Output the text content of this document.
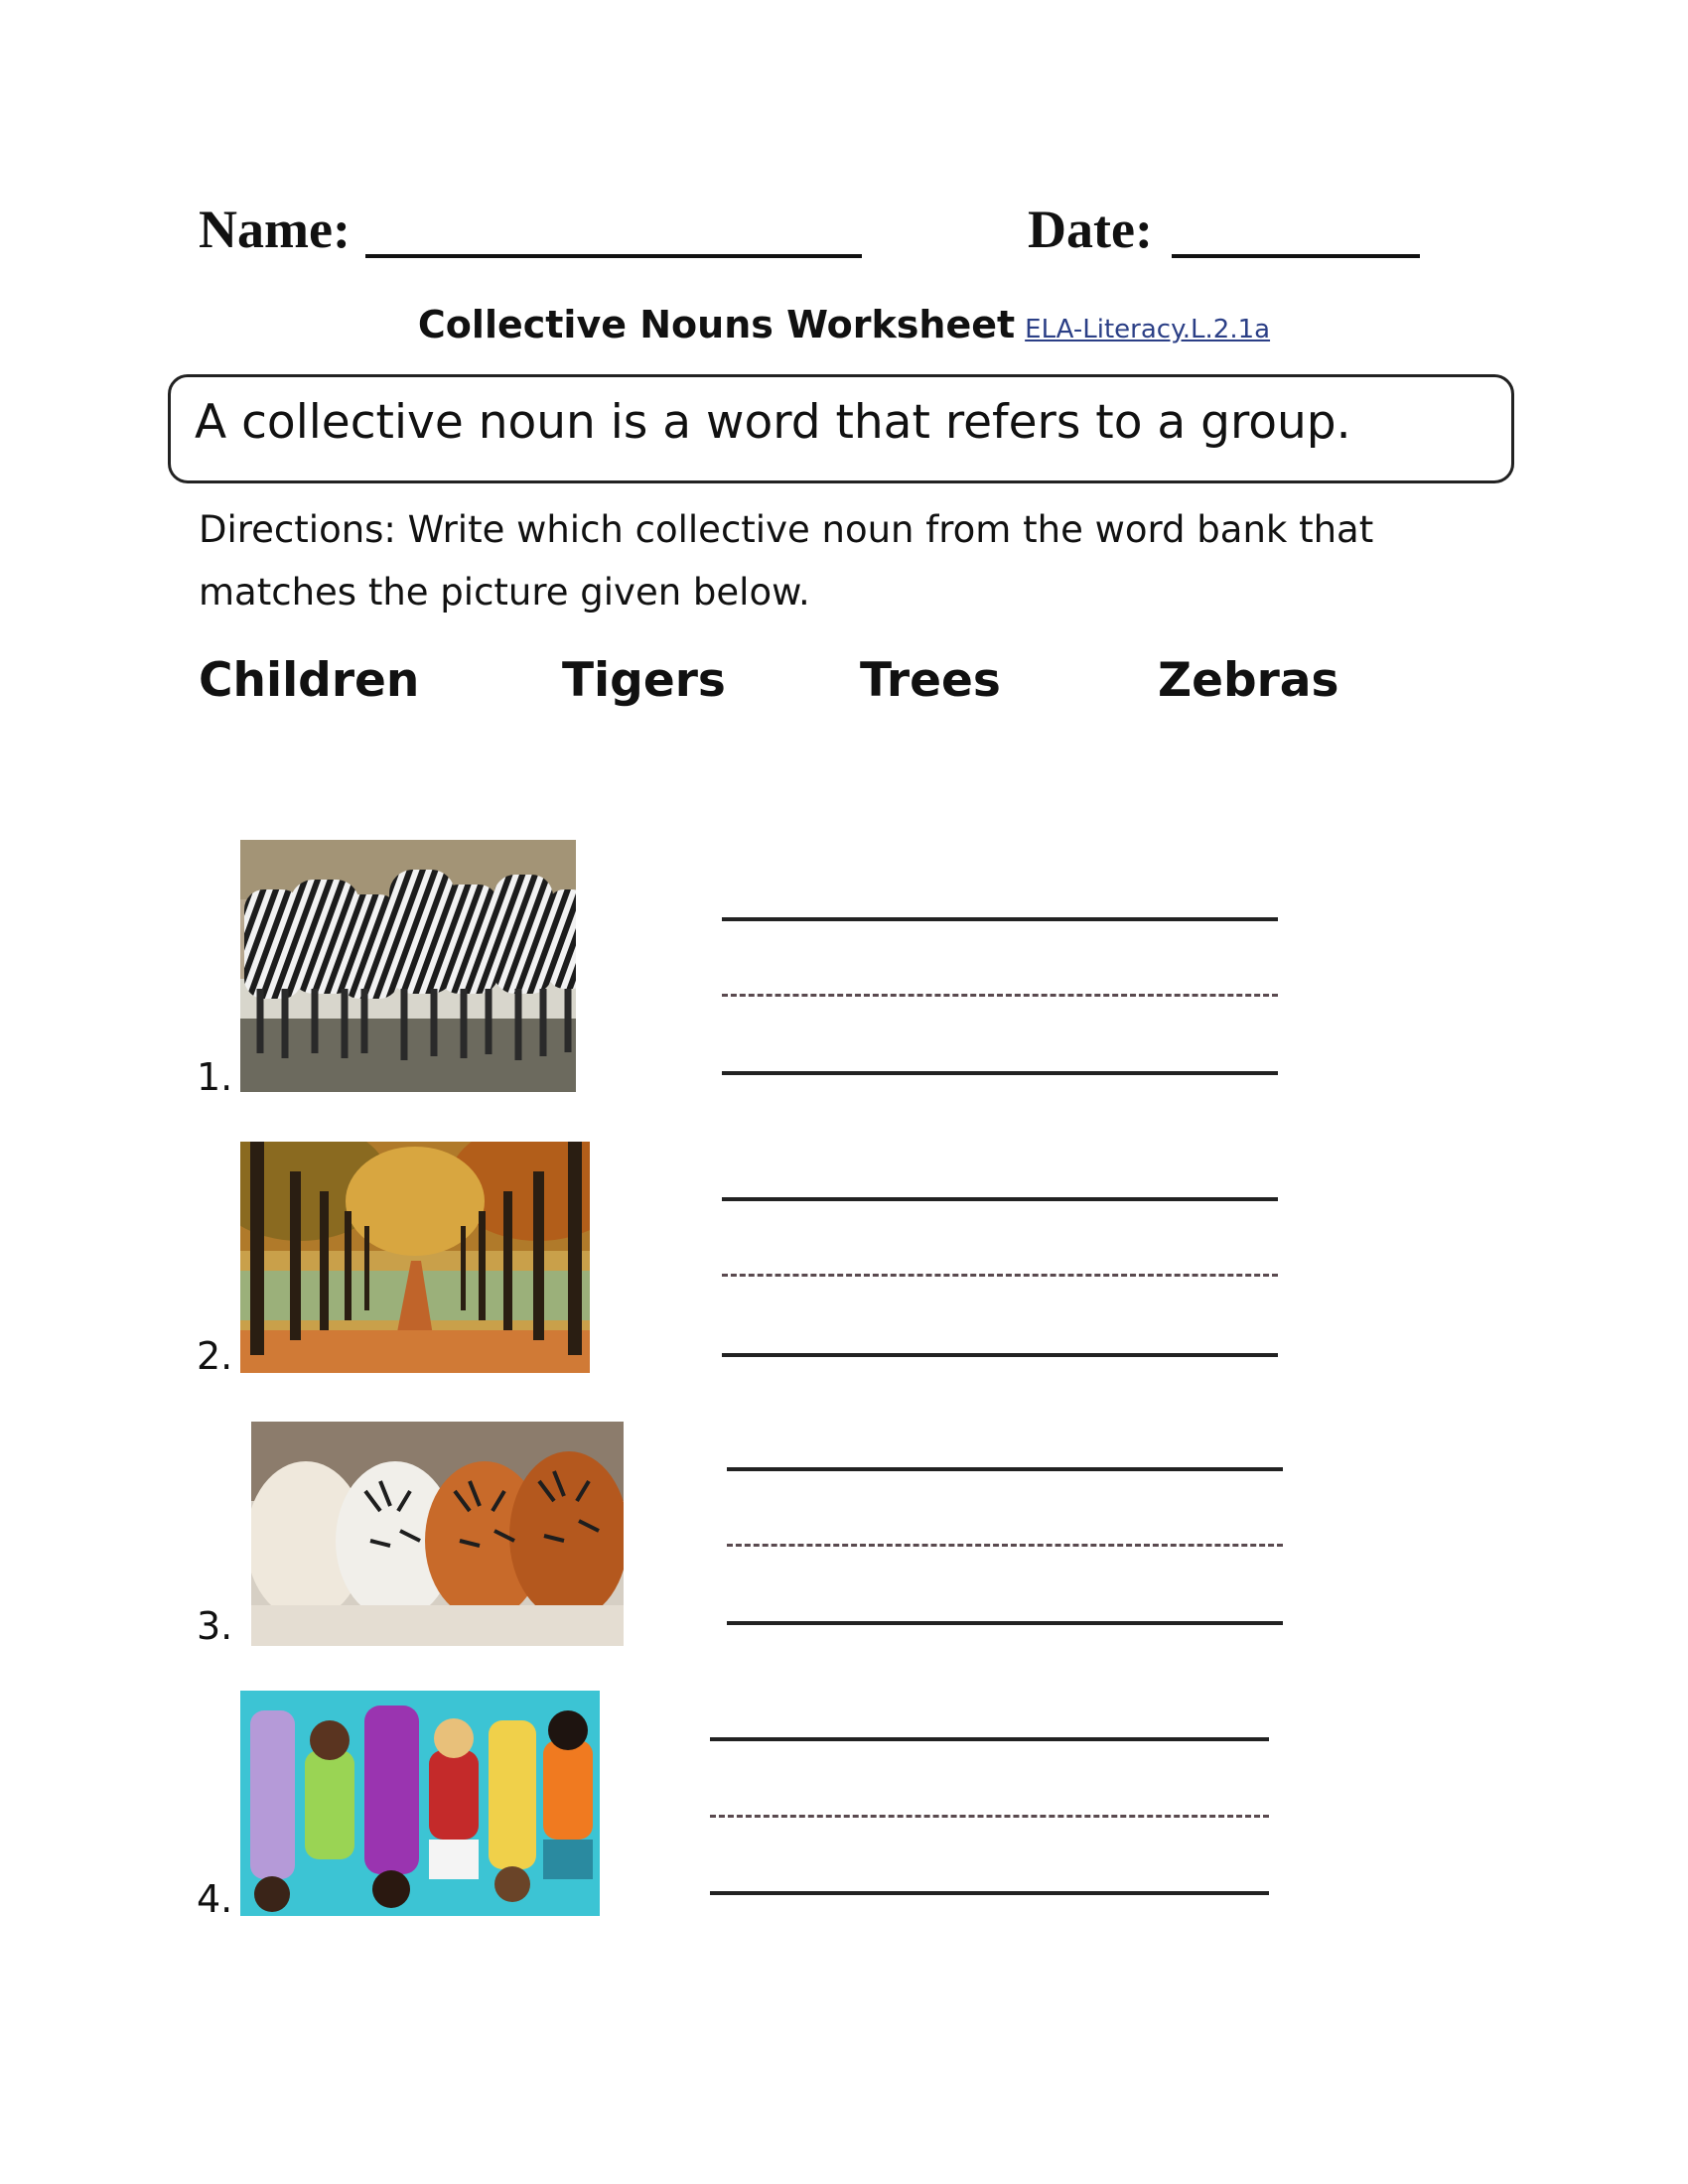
Name:	Date:
Collective Nouns Worksheet ELA-Literacy.L.2.1a
A collective noun is a word that refers to a group.
Directions: Write which collective noun from the word bank that matches the picture given below.
Children	Tigers	Trees	Zebras
1.
2.
3.
4.
